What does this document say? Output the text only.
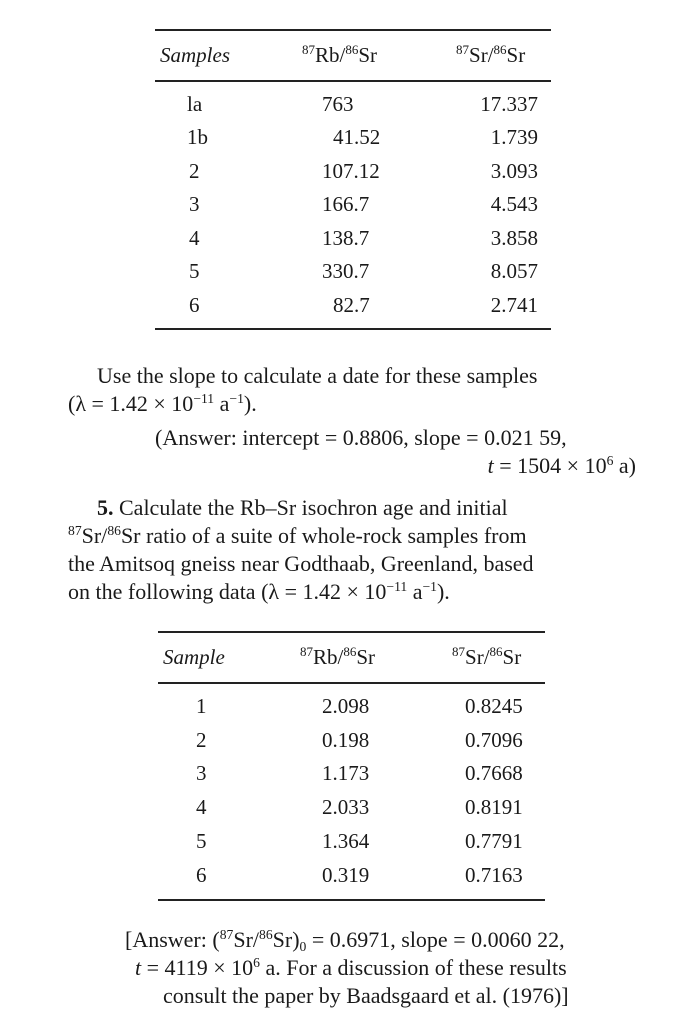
Samples	$^{87}$Rb/$^{86}$Sr	$^{87}$Sr/$^{86}$Sr
la	763	17.337
1b	41.52	1.739
2	107.12	3.093
3	166.7	4.543
4	138.7	3.858
5	330.7	8.057
6	82.7	2.741
Use the slope to calculate a date for these samples
($\lambda = 1.42 \times 10^{-11}$ $a^{-1}$).
(Answer: intercept = 0.8806, slope = 0.021 59,
$t = 1504 \times 10^6$ a)
5. Calculate the Rb–Sr isochron age and initial
$^{87}$Sr/$^{86}$Sr ratio of a suite of whole-rock samples from
the Amitsoq gneiss near Godthaab, Greenland, based
on the following data ($\lambda = 1.42 \times 10^{-11}$ $a^{-1}$).
Sample	$^{87}$Rb/$^{86}$Sr	$^{87}$Sr/$^{86}$Sr
1	2.098	0.8245
2	0.198	0.7096
3	1.173	0.7668
4	2.033	0.8191
5	1.364	0.7791
6	0.319	0.7163
[Answer: $(^{87}Sr/^{86}Sr)_0 = 0.6971$, slope = 0.0060 22,
$t = 4119 \times 10^6$ a. For a discussion of these results
consult the paper by Baadsgaard et al. (1976)]
